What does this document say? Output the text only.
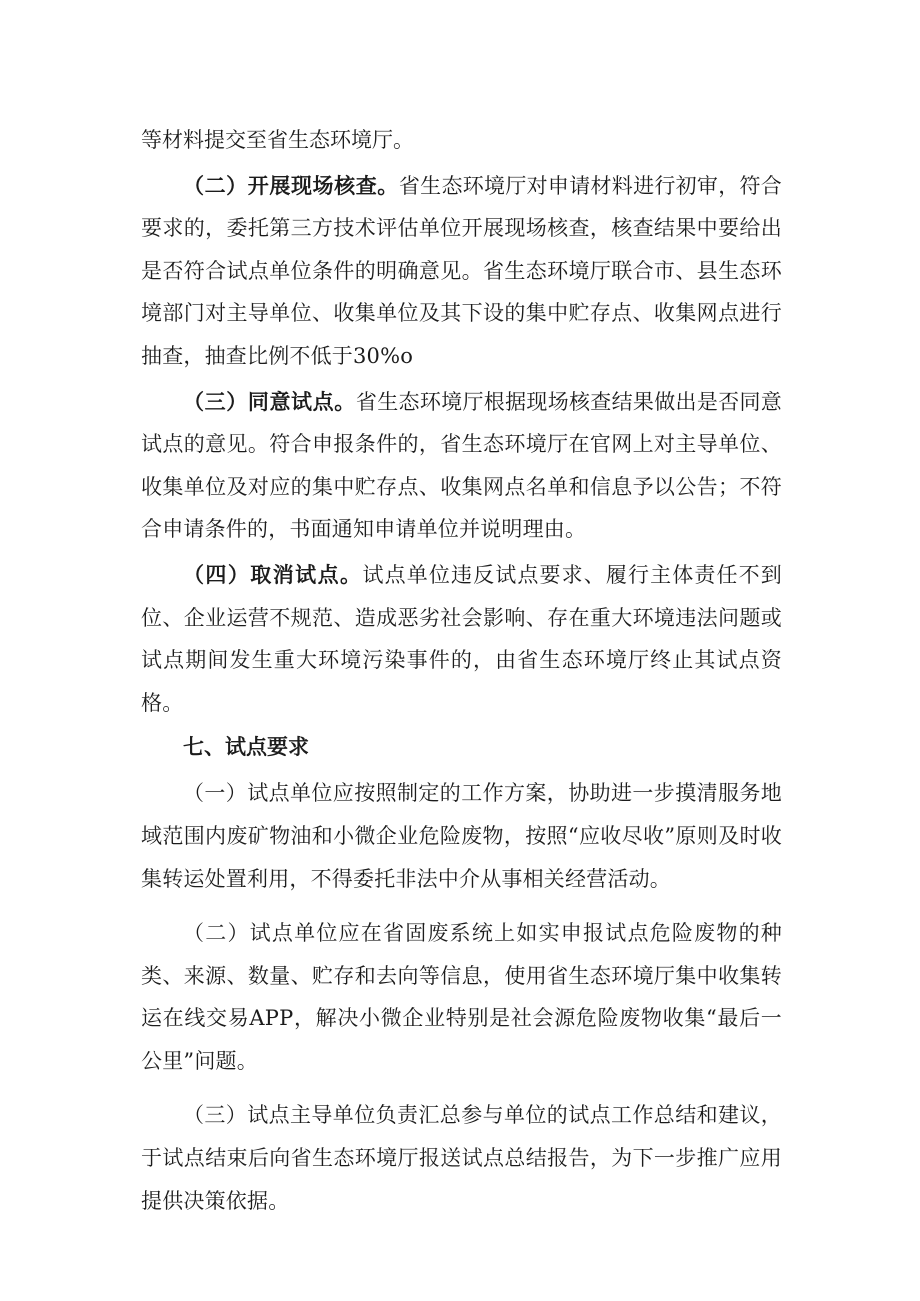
等材料提交至省生态环境厅。

（二）开展现场核查。省生态环境厅对申请材料进行初审，符合要求的，委托第三方技术评估单位开展现场核查，核查结果中要给出是否符合试点单位条件的明确意见。省生态环境厅联合市、县生态环境部门对主导单位、收集单位及其下设的集中贮存点、收集网点进行抽查，抽查比例不低于30%o

（三）同意试点。省生态环境厅根据现场核查结果做出是否同意试点的意见。符合申报条件的，省生态环境厅在官网上对主导单位、收集单位及对应的集中贮存点、收集网点名单和信息予以公告；不符合申请条件的，书面通知申请单位并说明理由。

（四）取消试点。试点单位违反试点要求、履行主体责任不到位、企业运营不规范、造成恶劣社会影响、存在重大环境违法问题或试点期间发生重大环境污染事件的，由省生态环境厅终止其试点资格。

七、试点要求

（一）试点单位应按照制定的工作方案，协助进一步摸清服务地域范围内废矿物油和小微企业危险废物，按照“应收尽收”原则及时收集转运处置利用，不得委托非法中介从事相关经营活动。

（二）试点单位应在省固废系统上如实申报试点危险废物的种类、来源、数量、贮存和去向等信息，使用省生态环境厅集中收集转运在线交易APP，解决小微企业特别是社会源危险废物收集“最后一公里”问题。

（三）试点主导单位负责汇总参与单位的试点工作总结和建议，于试点结束后向省生态环境厅报送试点总结报告，为下一步推广应用提供决策依据。
